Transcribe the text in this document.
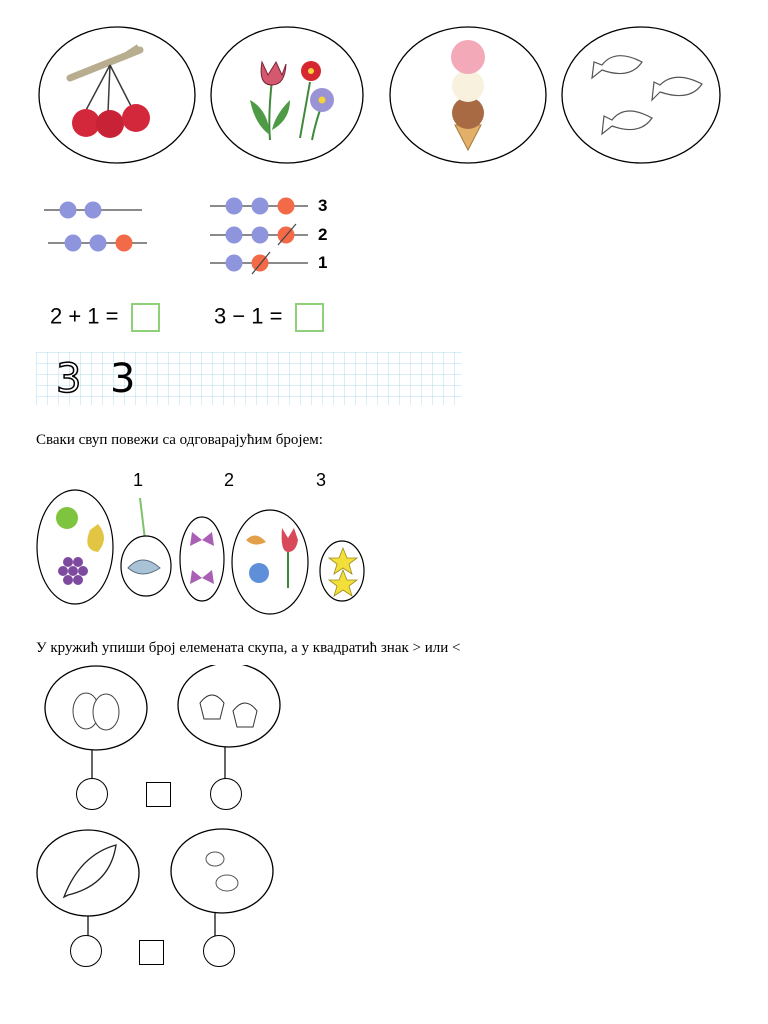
3
2
1
2 + 1 =	3 − 1 =
3 3
Сваки свуп повежи са одговарајућим бројем:
1	2	3
У кружић упиши број елемената скупа, а у квадратић знак > или <
